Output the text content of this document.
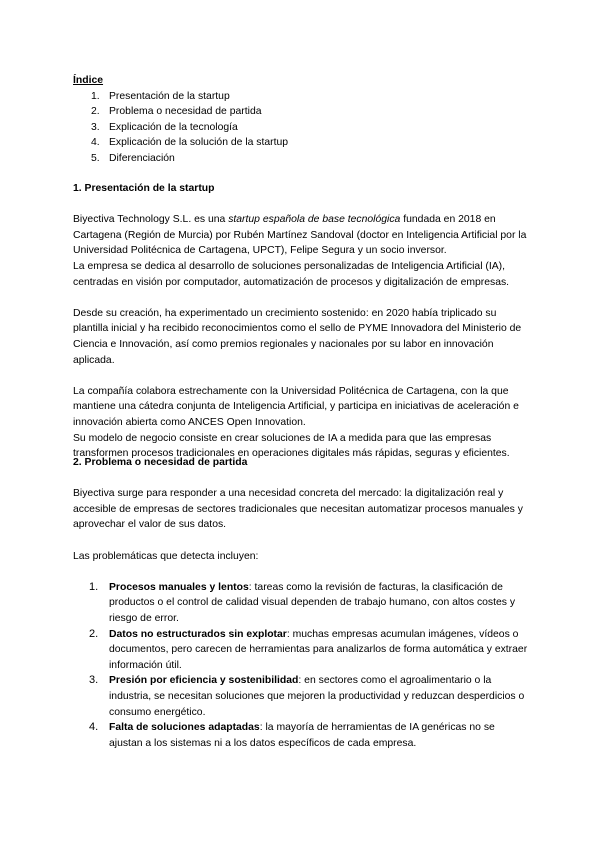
Índice
1. Presentación de la startup
2. Problema o necesidad de partida
3. Explicación de la tecnología
4. Explicación de la solución de la startup
5. Diferenciación

1. Presentación de la startup

Biyectiva Technology S.L. es una startup española de base tecnológica fundada en 2018 en Cartagena (Región de Murcia) por Rubén Martínez Sandoval (doctor en Inteligencia Artificial por la Universidad Politécnica de Cartagena, UPCT), Felipe Segura y un socio inversor.

La empresa se dedica al desarrollo de soluciones personalizadas de Inteligencia Artificial (IA), centradas en visión por computador, automatización de procesos y digitalización de empresas.

Desde su creación, ha experimentado un crecimiento sostenido: en 2020 había triplicado su plantilla inicial y ha recibido reconocimientos como el sello de PYME Innovadora del Ministerio de Ciencia e Innovación, así como premios regionales y nacionales por su labor en innovación aplicada.

La compañía colabora estrechamente con la Universidad Politécnica de Cartagena, con la que mantiene una cátedra conjunta de Inteligencia Artificial, y participa en iniciativas de aceleración e innovación abierta como ANCES Open Innovation.

Su modelo de negocio consiste en crear soluciones de IA a medida para que las empresas transformen procesos tradicionales en operaciones digitales más rápidas, seguras y eficientes.

2. Problema o necesidad de partida

Biyectiva surge para responder a una necesidad concreta del mercado: la digitalización real y accesible de empresas de sectores tradicionales que necesitan automatizar procesos manuales y aprovechar el valor de sus datos.

Las problemáticas que detecta incluyen:

1. Procesos manuales y lentos: tareas como la revisión de facturas, la clasificación de productos o el control de calidad visual dependen de trabajo humano, con altos costes y riesgo de error.
2. Datos no estructurados sin explotar: muchas empresas acumulan imágenes, vídeos o documentos, pero carecen de herramientas para analizarlos de forma automática y extraer información útil.
3. Presión por eficiencia y sostenibilidad: en sectores como el agroalimentario o la industria, se necesitan soluciones que mejoren la productividad y reduzcan desperdicios o consumo energético.
4. Falta de soluciones adaptadas: la mayoría de herramientas de IA genéricas no se ajustan a los sistemas ni a los datos específicos de cada empresa.
